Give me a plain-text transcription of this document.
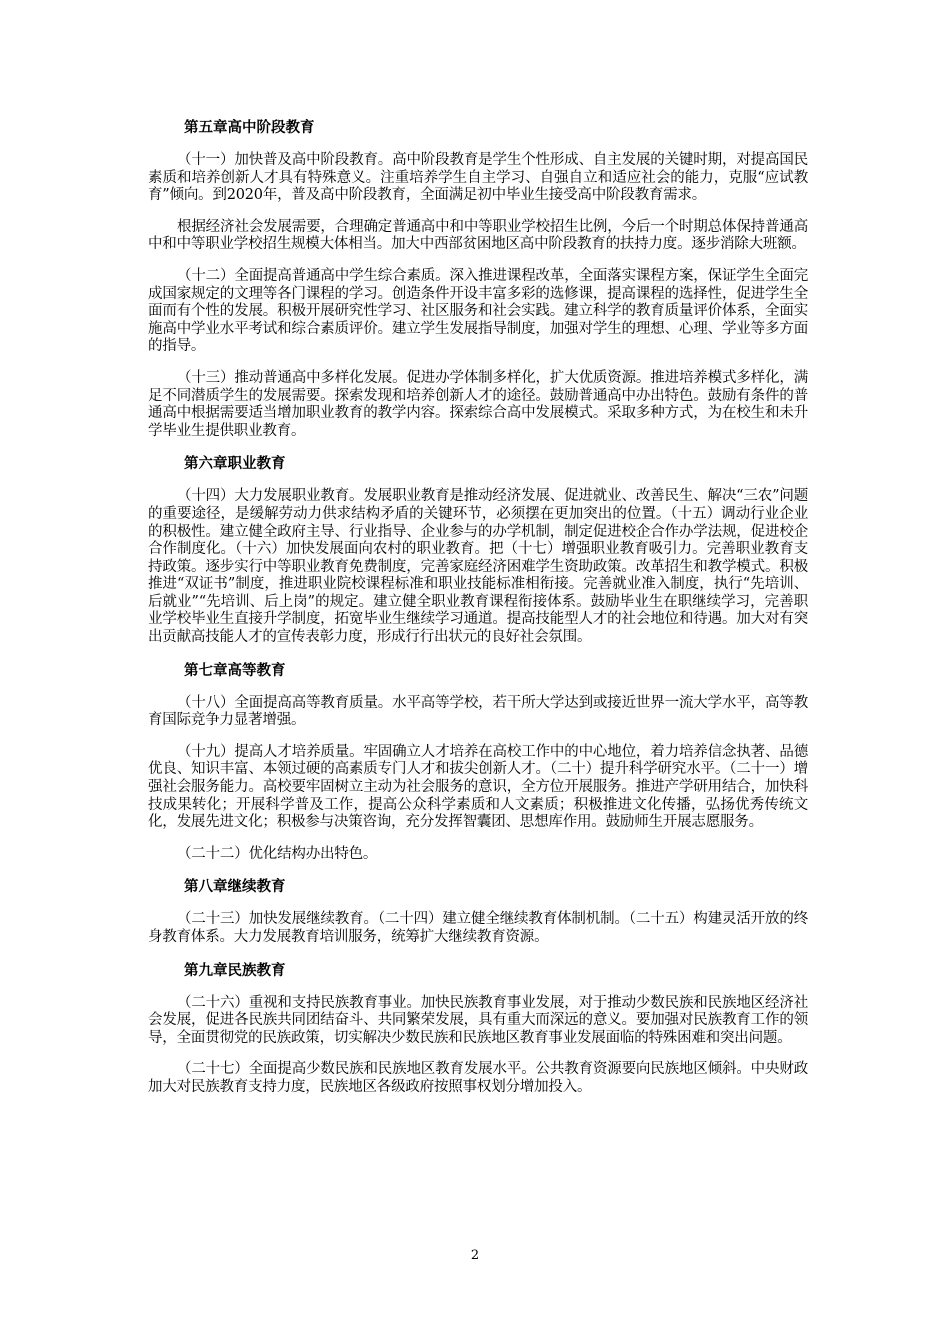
第五章高中阶段教育

（十一）加快普及高中阶段教育。高中阶段教育是学生个性形成、自主发展的关键时期，对提高国民素质和培养创新人才具有特殊意义。注重培养学生自主学习、自强自立和适应社会的能力，克服“应试教育”倾向。到2020年，普及高中阶段教育，全面满足初中毕业生接受高中阶段教育需求。

根据经济社会发展需要，合理确定普通高中和中等职业学校招生比例，今后一个时期总体保持普通高中和中等职业学校招生规模大体相当。加大中西部贫困地区高中阶段教育的扶持力度。逐步消除大班额。

（十二）全面提高普通高中学生综合素质。深入推进课程改革，全面落实课程方案，保证学生全面完成国家规定的文理等各门课程的学习。创造条件开设丰富多彩的选修课，提高课程的选择性，促进学生全面而有个性的发展。积极开展研究性学习、社区服务和社会实践。建立科学的教育质量评价体系，全面实施高中学业水平考试和综合素质评价。建立学生发展指导制度，加强对学生的理想、心理、学业等多方面的指导。

（十三）推动普通高中多样化发展。促进办学体制多样化，扩大优质资源。推进培养模式多样化，满足不同潜质学生的发展需要。探索发现和培养创新人才的途径。鼓励普通高中办出特色。鼓励有条件的普通高中根据需要适当增加职业教育的教学内容。探索综合高中发展模式。采取多种方式，为在校生和未升学毕业生提供职业教育。

第六章职业教育

（十四）大力发展职业教育。发展职业教育是推动经济发展、促进就业、改善民生、解决“三农”问题的重要途径，是缓解劳动力供求结构矛盾的关键环节，必须摆在更加突出的位置。（十五）调动行业企业的积极性。建立健全政府主导、行业指导、企业参与的办学机制，制定促进校企合作办学法规，促进校企合作制度化。（十六）加快发展面向农村的职业教育。把（十七）增强职业教育吸引力。完善职业教育支持政策。逐步实行中等职业教育免费制度，完善家庭经济困难学生资助政策。改革招生和教学模式。积极推进“双证书”制度，推进职业院校课程标准和职业技能标准相衔接。完善就业准入制度，执行“先培训、后就业”“先培训、后上岗”的规定。建立健全职业教育课程衔接体系。鼓励毕业生在职继续学习，完善职业学校毕业生直接升学制度，拓宽毕业生继续学习通道。提高技能型人才的社会地位和待遇。加大对有突出贡献高技能人才的宣传表彰力度，形成行行出状元的良好社会氛围。

第七章高等教育

（十八）全面提高高等教育质量。水平高等学校，若干所大学达到或接近世界一流大学水平，高等教育国际竞争力显著增强。

（十九）提高人才培养质量。牢固确立人才培养在高校工作中的中心地位，着力培养信念执著、品德优良、知识丰富、本领过硬的高素质专门人才和拔尖创新人才。（二十）提升科学研究水平。（二十一）增强社会服务能力。高校要牢固树立主动为社会服务的意识，全方位开展服务。推进产学研用结合，加快科技成果转化；开展科学普及工作，提高公众科学素质和人文素质；积极推进文化传播，弘扬优秀传统文化，发展先进文化；积极参与决策咨询，充分发挥智囊团、思想库作用。鼓励师生开展志愿服务。

（二十二）优化结构办出特色。

第八章继续教育

（二十三）加快发展继续教育。（二十四）建立健全继续教育体制机制。（二十五）构建灵活开放的终身教育体系。大力发展教育培训服务，统筹扩大继续教育资源。

第九章民族教育

（二十六）重视和支持民族教育事业。加快民族教育事业发展，对于推动少数民族和民族地区经济社会发展，促进各民族共同团结奋斗、共同繁荣发展，具有重大而深远的意义。要加强对民族教育工作的领导，全面贯彻党的民族政策，切实解决少数民族和民族地区教育事业发展面临的特殊困难和突出问题。

（二十七）全面提高少数民族和民族地区教育发展水平。公共教育资源要向民族地区倾斜。中央财政加大对民族教育支持力度，民族地区各级政府按照事权划分增加投入。

2
